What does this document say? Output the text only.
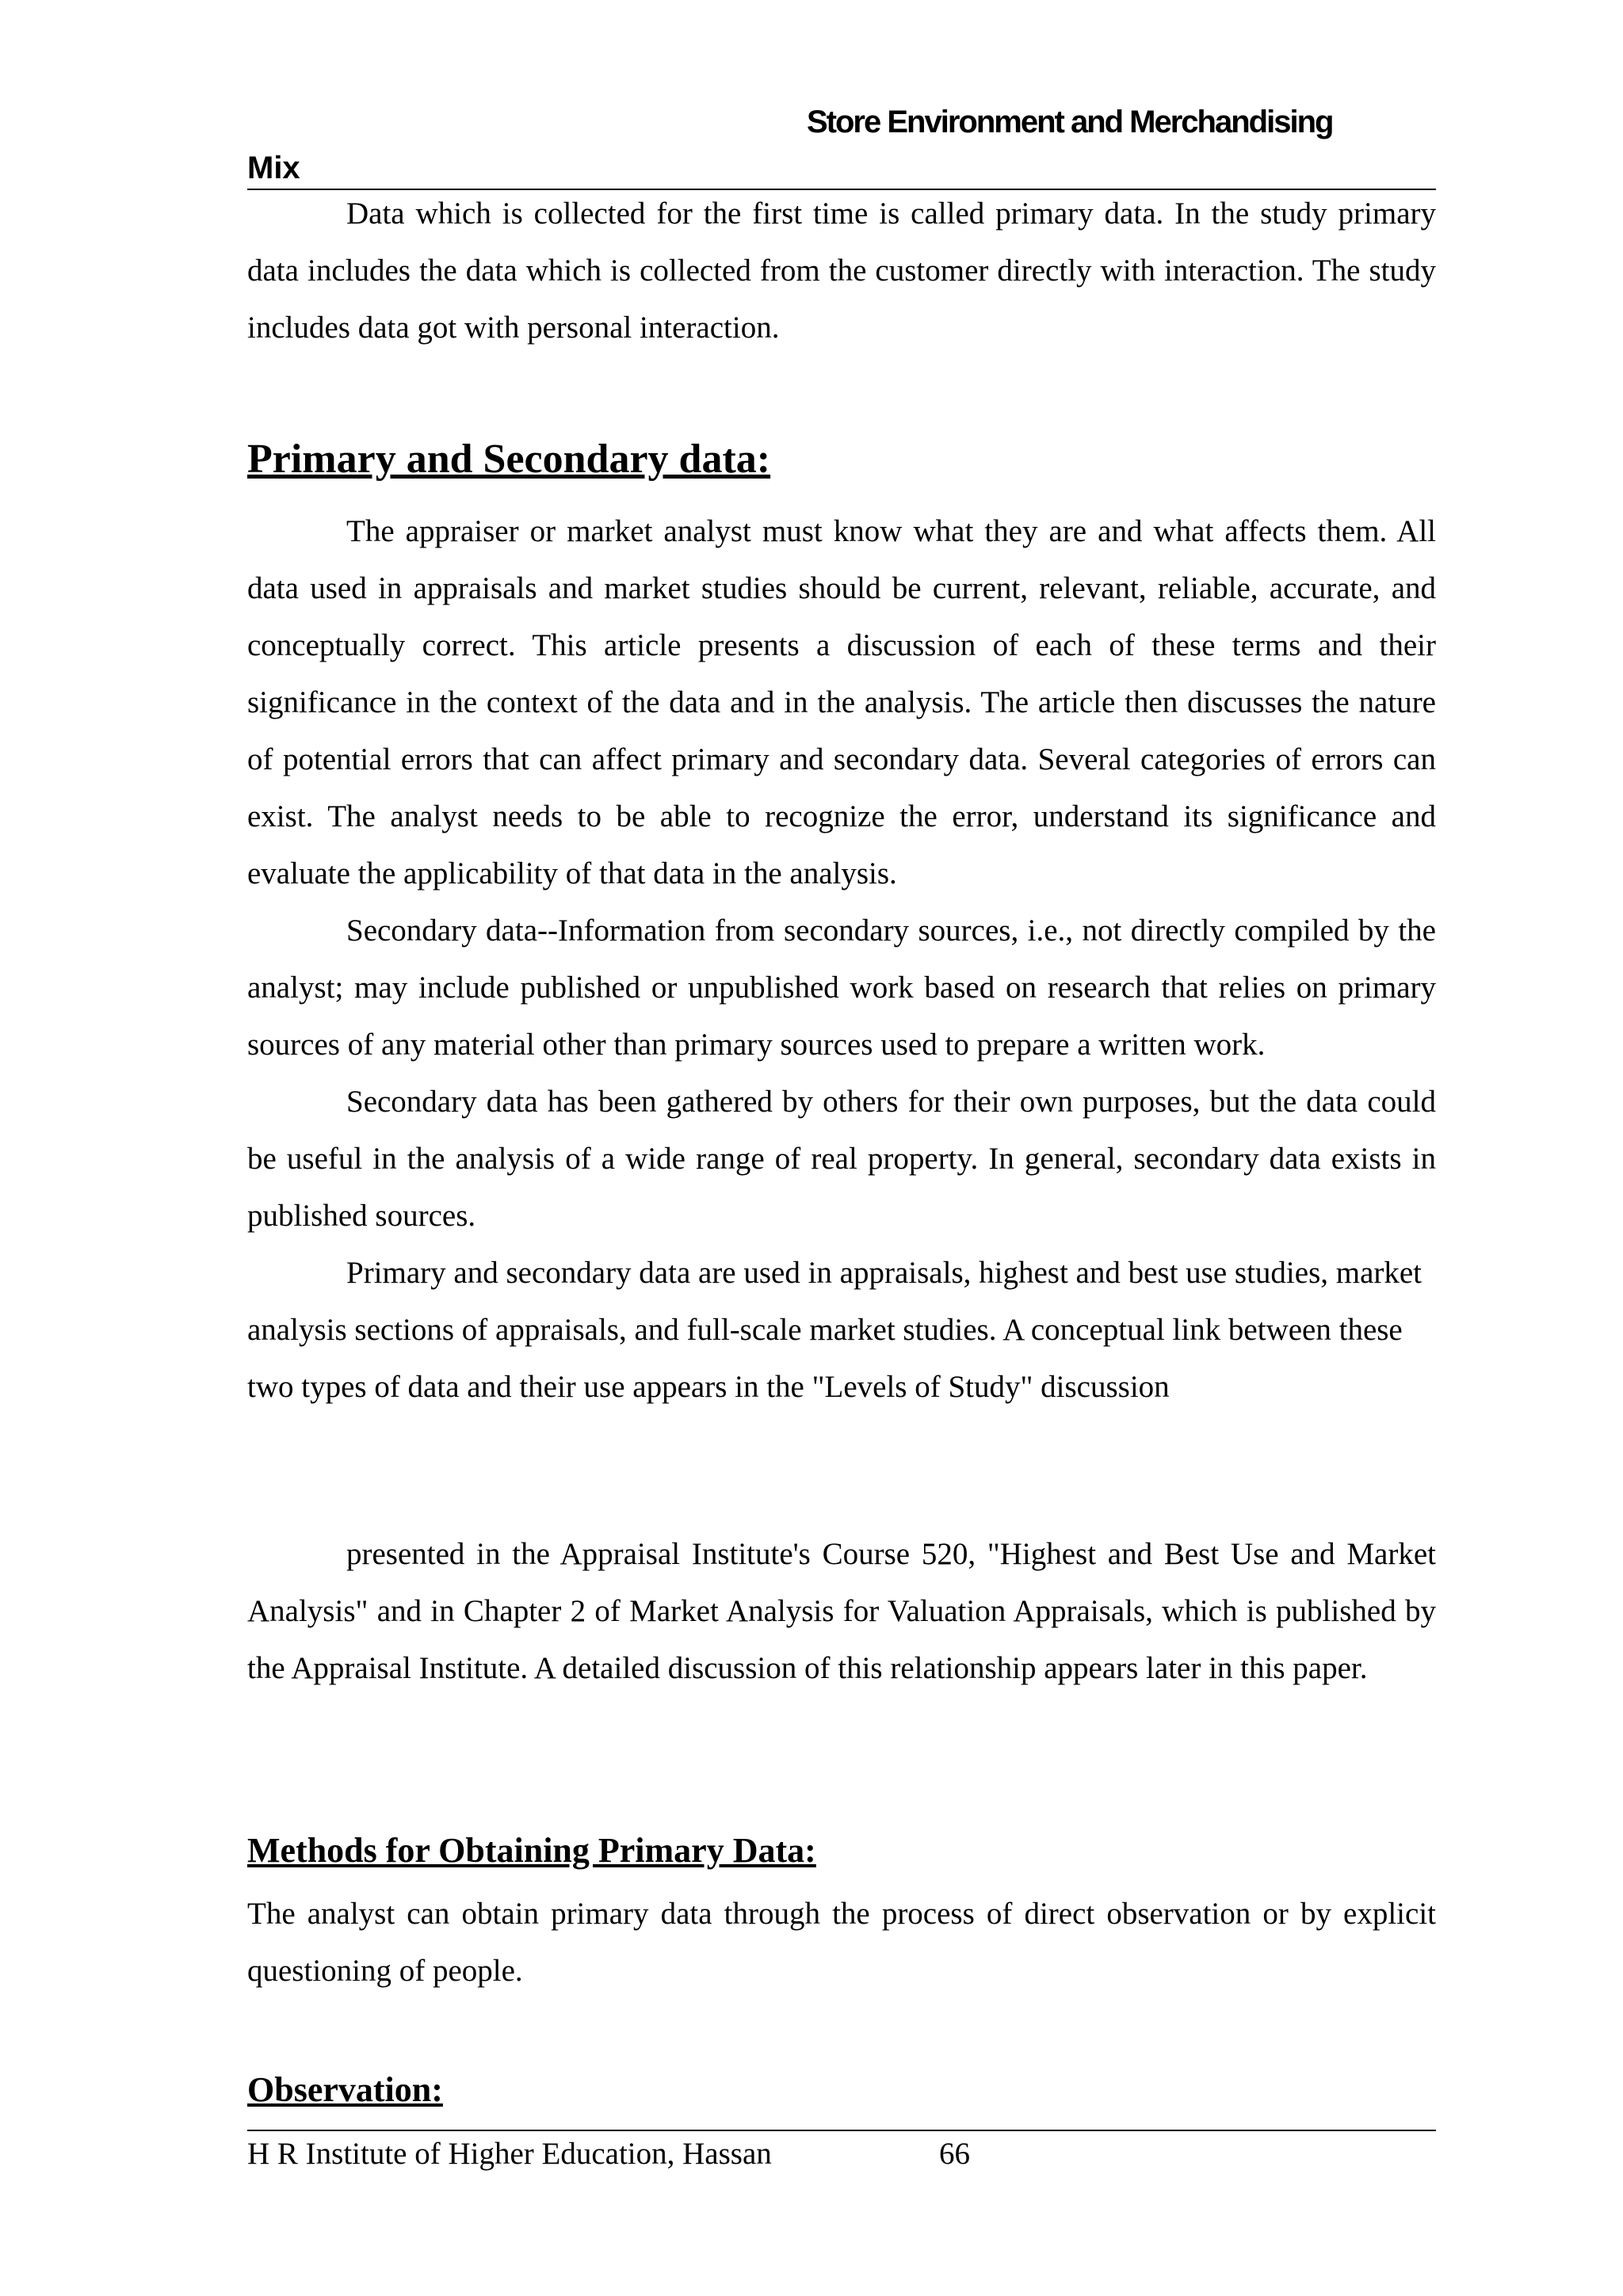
Store Environment and Merchandising
Mix

Data which is collected for the first time is called primary data. In the study primary data includes the data which is collected from the customer directly with interaction. The study includes data got with personal interaction.

Primary and Secondary data:

The appraiser or market analyst must know what they are and what affects them. All data used in appraisals and market studies should be current, relevant, reliable, accurate, and conceptually correct. This article presents a discussion of each of these terms and their significance in the context of the data and in the analysis. The article then discusses the nature of potential errors that can affect primary and secondary data. Several categories of errors can exist. The analyst needs to be able to recognize the error, understand its significance and evaluate the applicability of that data in the analysis.

Secondary data--Information from secondary sources, i.e., not directly compiled by the analyst; may include published or unpublished work based on research that relies on primary sources of any material other than primary sources used to prepare a written work.

Secondary data has been gathered by others for their own purposes, but the data could be useful in the analysis of a wide range of real property. In general, secondary data exists in published sources.

Primary and secondary data are used in appraisals, highest and best use studies, market analysis sections of appraisals, and full-scale market studies. A conceptual link between these two types of data and their use appears in the "Levels of Study" discussion

presented in the Appraisal Institute's Course 520, "Highest and Best Use and Market Analysis" and in Chapter 2 of Market Analysis for Valuation Appraisals, which is published by the Appraisal Institute. A detailed discussion of this relationship appears later in this paper.

Methods for Obtaining Primary Data:

The analyst can obtain primary data through the process of direct observation or by explicit questioning of people.

Observation:
H R Institute of Higher Education, Hassan	66
